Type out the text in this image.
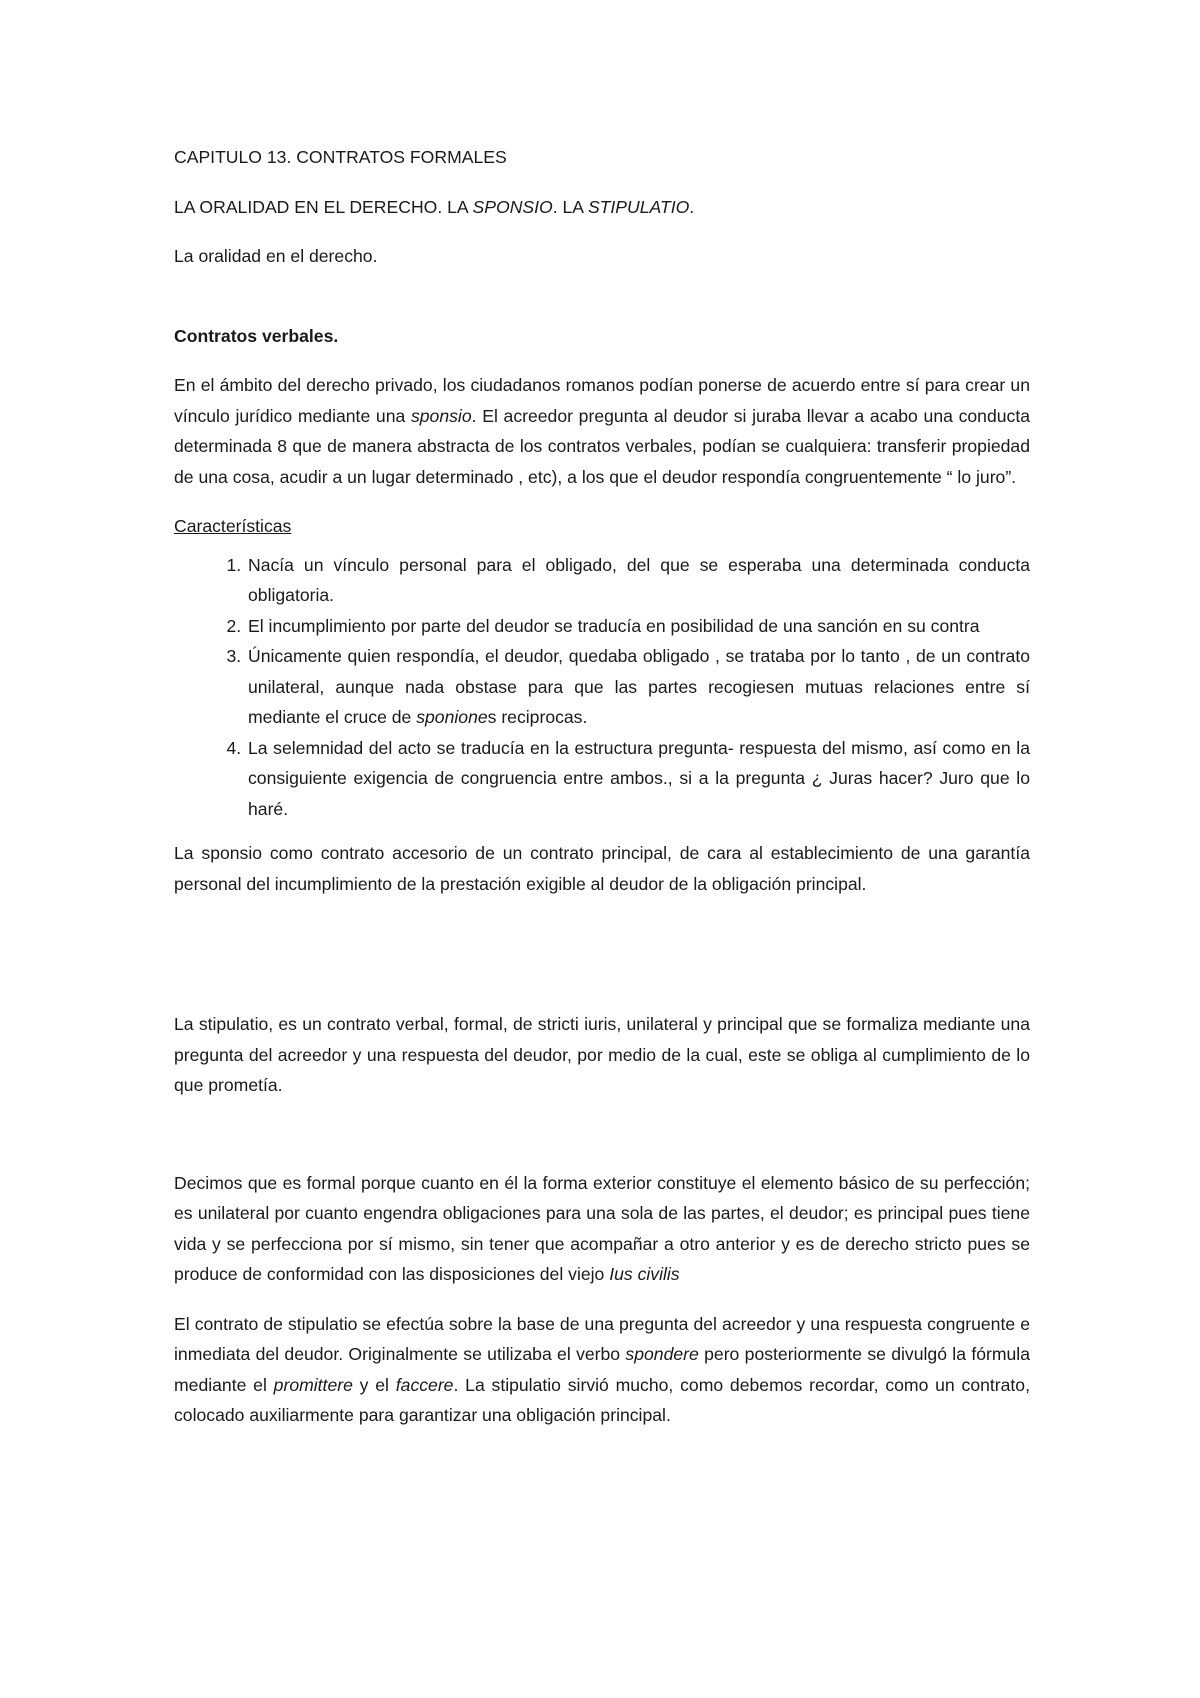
CAPITULO 13. CONTRATOS FORMALES

LA ORALIDAD EN EL DERECHO. LA SPONSIO. LA STIPULATIO.

La oralidad en el derecho.

Contratos verbales.

En el ámbito del derecho privado, los ciudadanos romanos podían ponerse de acuerdo entre sí para crear un vínculo jurídico mediante una sponsio. El acreedor pregunta al deudor si juraba llevar a acabo una conducta determinada 8 que de manera abstracta de los contratos verbales, podían se cualquiera: transferir propiedad de una cosa, acudir a un lugar determinado , etc), a los que el deudor respondía congruentemente “ lo juro”.

Características

1. Nacía un vínculo personal para el obligado, del que se esperaba una determinada conducta obligatoria.
2. El incumplimiento por parte del deudor se traducía en posibilidad de una sanción en su contra
3. Únicamente quien respondía, el deudor, quedaba obligado , se trataba por lo tanto , de un contrato unilateral, aunque nada obstase para que las partes recogiesen mutuas relaciones entre sí mediante el cruce de sponiones reciprocas.
4. La selemnidad del acto se traducía en la estructura pregunta- respuesta del mismo, así como en la consiguiente exigencia de congruencia entre ambos., si a la pregunta ¿ Juras hacer? Juro que lo haré.

La sponsio como contrato accesorio de un contrato principal, de cara al establecimiento de una garantía personal del incumplimiento de la prestación exigible al deudor de la obligación principal.

La stipulatio, es un contrato verbal, formal, de stricti iuris, unilateral y principal que se formaliza mediante una pregunta del acreedor y una respuesta del deudor, por medio de la cual, este se obliga al cumplimiento de lo que prometía.

Decimos que es formal porque cuanto en él la forma exterior constituye el elemento básico de su perfección; es unilateral por cuanto engendra obligaciones para una sola de las partes, el deudor; es principal pues tiene vida y se perfecciona por sí mismo, sin tener que acompañar a otro anterior y es de derecho stricto pues se produce de conformidad con las disposiciones del viejo Ius civilis

El contrato de stipulatio se efectúa sobre la base de una pregunta del acreedor y una respuesta congruente e inmediata del deudor. Originalmente se utilizaba el verbo spondere pero posteriormente se divulgó la fórmula mediante el promittere y el faccere. La stipulatio sirvió mucho, como debemos recordar, como un contrato, colocado auxiliarmente para garantizar una obligación principal.
